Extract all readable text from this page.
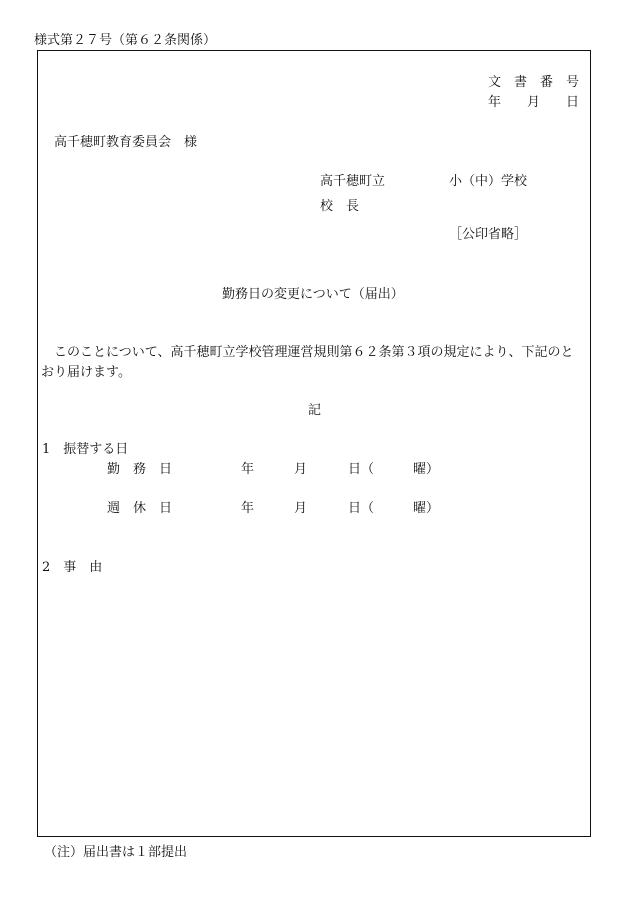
様式第２７号（第６２条関係）
文　書　番　号
年　　月　　日
高千穂町教育委員会　様
高千穂町立	小（中）学校
校　長
［公印省略］
勤務日の変更について（届出）
このことについて、高千穂町立学校管理運営規則第６２条第３項の規定により、下記のと
おり届けます。
記
1　振替する日
勤　務　日	年	月	日（	曜）
週　休　日	年	月	日（	曜）
2　事　由
（注）届出書は１部提出
